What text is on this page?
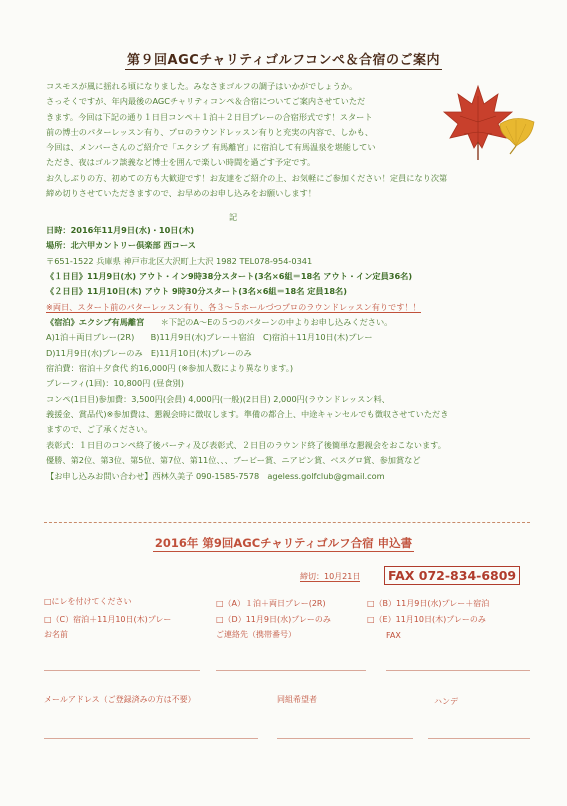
第９回AGCチャリティゴルフコンペ＆合宿のご案内
コスモスが風に揺れる頃になりました。みなさまゴルフの調子はいかがでしょうか。
さっそくですが、年内最後のAGCチャリティコンペ＆合宿についてご案内させていただ
きます。今回は下記の通り１日目コンペ＋１泊＋２日目プレーの合宿形式です！スタート
前の博士のパターレッスン有り、プロのラウンドレッスン有りと充実の内容で、しかも、
今回は、メンバーさんのご紹介で「エクシブ 有馬離宮」に宿泊して有馬温泉を堪能してい
ただき、夜はゴルフ談義など博士を囲んで楽しい時間を過ごす予定です。
お久しぶりの方、初めての方も大歓迎です！お友達をご紹介の上、お気軽にご参加ください！定員になり次第
締め切りさせていただきますので、お早めのお申し込みをお願いします！
記
日時：2016年11月9日(水)・10日(木)
場所：北六甲カントリー倶楽部 西コース
〒651-1522 兵庫県 神戸市北区大沢町上大沢 1982 TEL078-954-0341
《１日目》11月9日(水) アウト・イン9時38分スタート(3名×6組＝18名 アウト・イン定員36名)
《２日目》11月10日(木) アウト 9時30分スタート(3名×6組＝18名 定員18名)
※両日、スタート前のパターレッスン有り、各３～５ホールづつプロのラウンドレッスン有りです！！
《宿泊》エクシブ有馬離宮　　 ＊下記のA～Eの５つのパターンの中よりお申し込みください。
A)1泊＋両日プレー(2R)　　B)11月9日(水)プレー＋宿泊　C)宿泊＋11月10日(木)プレー
D)11月9日(水)プレーのみ　E)11月10日(木)プレーのみ
宿泊費：宿泊＋夕食代 約16,000円 (※参加人数により異なります。)
プレーフィ(1回)：10,800円 (昼食別)
コンペ(1日目)参加費：3,500円(会員) 4,000円(一般)(2日目) 2,000円(ラウンドレッスン料、
義援金、賞品代)※参加費は、懇親会時に徴収します。準備の都合上、中途キャンセルでも徴収させていただき
ますので、ご了承ください。
表彰式：１日目のコンペ終了後パーティ及び表彰式、２日目のラウンド終了後簡単な懇親会をおこないます。
優勝、第2位、第3位、第5位、第7位、第11位、、、ブービー賞、ニアピン賞、ベスグロ賞、参加賞など
【お申し込みお問い合わせ】西林久美子 090-1585-7578　ageless.golfclub@gmail.com
2016年 第9回AGCチャリティゴルフ合宿 申込書
締切：10月21日	FAX 072-834-6809
□にレを付けてください	□（A）１泊＋両日プレー(2R)	□（B）11月9日(水)プレー＋宿泊
□（C）宿泊＋11月10日(木)プレー	□（D）11月9日(水)プレーのみ	□（E）11月10日(木)プレーのみ
お名前	ご連絡先（携帯番号）	FAX
メールアドレス（ご登録済みの方は不要）	同組希望者	ハンデ
